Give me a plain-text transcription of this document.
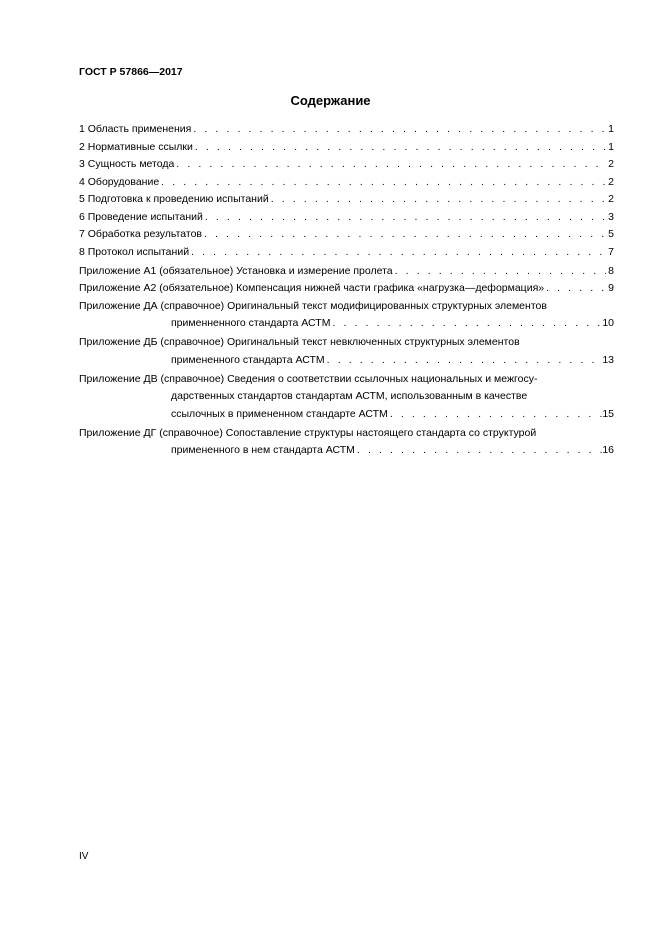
ГОСТ Р 57866—2017
Содержание
1 Область применения . . .	1
2 Нормативные ссылки . . .	1
3 Сущность метода . . .	2
4 Оборудование . . .	2
5 Подготовка к проведению испытаний . . .	2
6 Проведение испытаний . . .	3
7 Обработка результатов . . .	5
8 Протокол испытаний . . .	7
Приложение А1 (обязательное) Установка и измерение пролета . . .	8
Приложение А2 (обязательное) Компенсация нижней части графика «нагрузка—деформация» . . .	9
Приложение ДА (справочное) Оригинальный текст модифицированных структурных элементов
применненного стандарта АСТМ . . .	10
Приложение ДБ (справочное) Оригинальный текст невключенных структурных элементов
примененного стандарта АСТМ . . .	13
Приложение ДВ (справочное) Сведения о соответствии ссылочных национальных и межгосу-
дарственных стандартов стандартам АСТМ, использованным в качестве
ссылочных в примененном стандарте АСТМ . . .	15
Приложение ДГ (справочное) Сопоставление структуры настоящего стандарта со структурой
примененного в нем стандарта АСТМ . . .	16
IV
